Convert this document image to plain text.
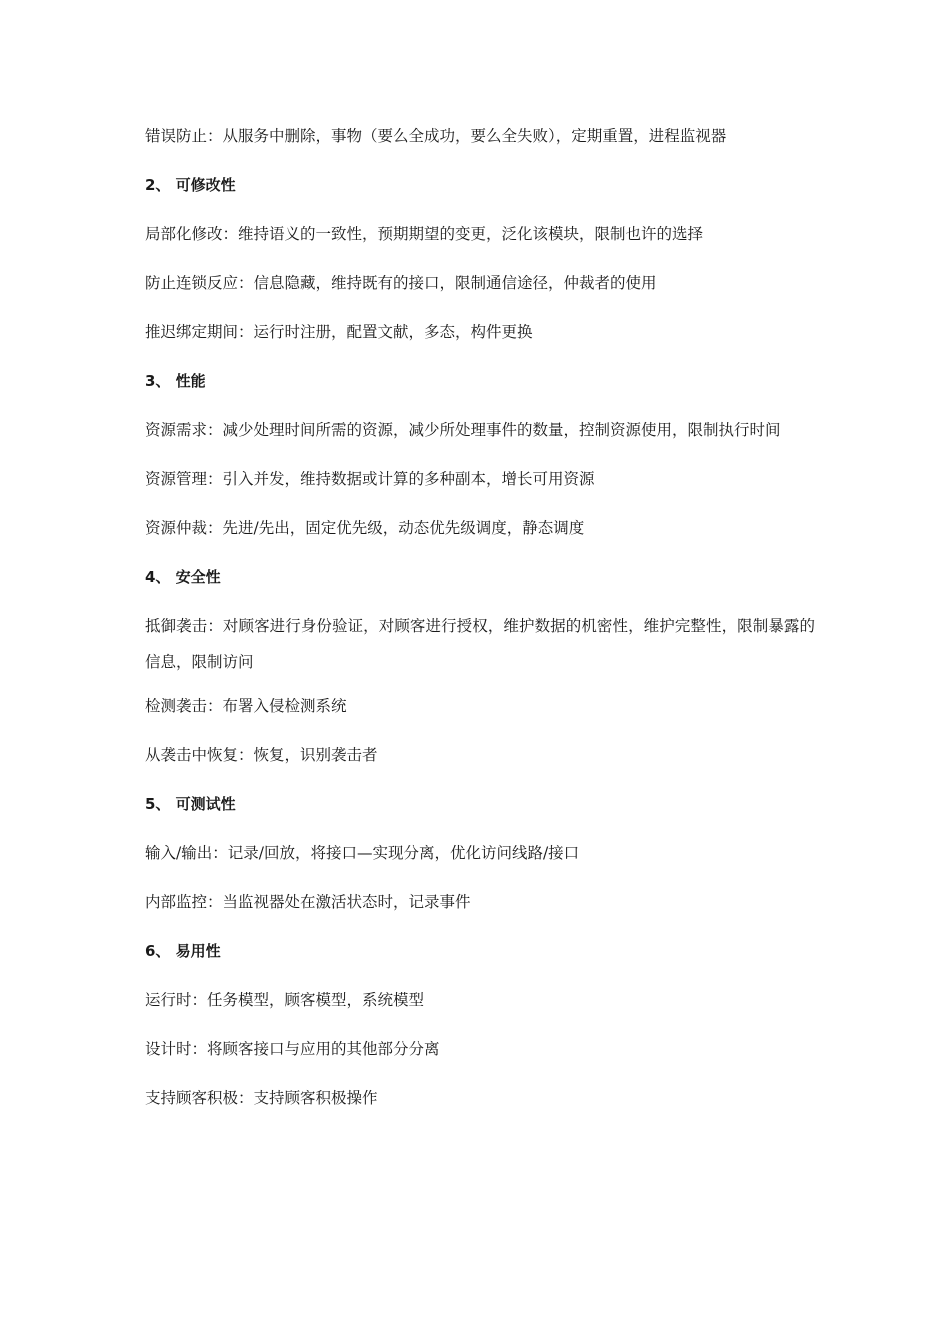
错误防止：从服务中删除，事物（要么全成功，要么全失败），定期重置，进程监视器
2、 可修改性
局部化修改：维持语义的一致性，预期期望的变更，泛化该模块，限制也许的选择
防止连锁反应：信息隐藏，维持既有的接口，限制通信途径，仲裁者的使用
推迟绑定期间：运行时注册，配置文献，多态，构件更换
3、 性能
资源需求：减少处理时间所需的资源，减少所处理事件的数量，控制资源使用，限制执行时间
资源管理：引入并发，维持数据或计算的多种副本，增长可用资源
资源仲裁：先进/先出，固定优先级，动态优先级调度，静态调度
4、 安全性
抵御袭击：对顾客进行身份验证，对顾客进行授权，维护数据的机密性，维护完整性，限制暴露的信息，限制访问
检测袭击：布署入侵检测系统
从袭击中恢复：恢复，识别袭击者
5、 可测试性
输入/输出：记录/回放，将接口—实现分离，优化访问线路/接口
内部监控：当监视器处在激活状态时，记录事件
6、 易用性
运行时：任务模型，顾客模型，系统模型
设计时：将顾客接口与应用的其他部分分离
支持顾客积极：支持顾客积极操作
